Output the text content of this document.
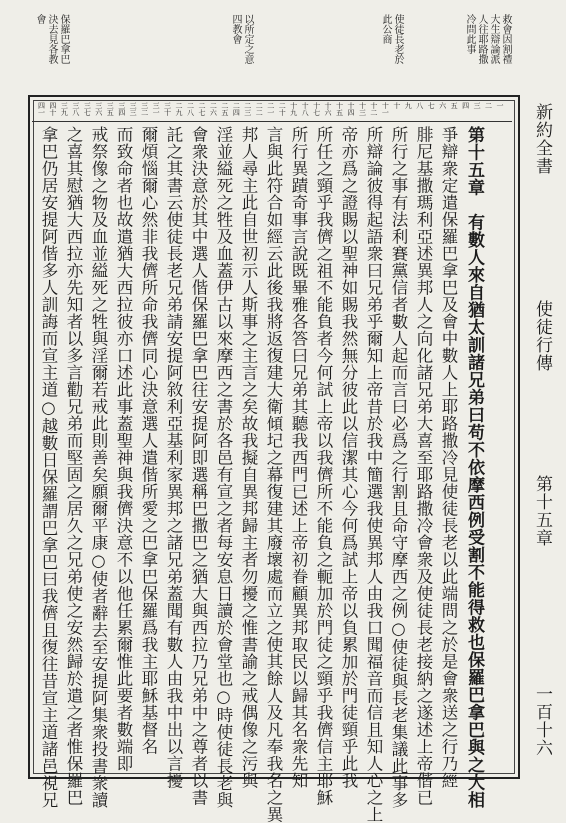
救會因割禮
大生辯論派
人往耶路撒
冷問此事
使徒長老於
此公商
以所定之意
四教會
保羅巴拿巴
決去見各教
會
一
二
三
四
五
六
七
八
九
十
十一
十二
十三
十四
十五
十六
十七
十八
十九
二十
二一
二二
二三
二四
二五
二六
二七
二八
二九
三十
三一
三二
三三
三四
三五
三六
三七
三八
三九
四十
四一
第十五章　有數人來自猶太訓諸兄弟曰苟不依摩西例受割不能得救也保羅巴拿巴與之大相
爭辯衆定遣保羅巴拿巴及會中數人上耶路撒冷見使徒長老以此端問之於是會衆送之行乃經
腓尼基撒瑪利亞述異邦人之向化諸兄弟大喜至耶路撒冷會衆及使徒長老接納之遂述上帝偕已
所行之事有法利賽黨信者數人起而言曰必爲之行割且命守摩西之例○使徒與長老集議此事多
所辯論彼得起語衆曰兄弟乎爾知上帝昔於我中簡選我使異邦人由我口聞福音而信且知人心之上
帝亦爲之證賜以聖神如賜我然無分彼此以信潔其心今何爲試上帝以負累加於門徒頸乎此我
所任之頸乎我儕之祖不能負者今何試上帝以我儕所不能負之軛加於門徒之頸乎我儕信主耶穌
所行異蹟奇事言說既畢雅各答曰兄弟其聽我西門已述上帝初眷顧異邦取民以歸其名衆先知
言與此符合如經云此後我將返復建大衛傾圮之幕復建其廢壞處而立之使其餘人及凡奉我名之異
邦人尋主此自世初示人斯事之主言之矣故我擬自異邦歸主者勿擾之惟書諭之戒偶像之污與
淫並縊死之牲及血蓋伊古以來摩西之書於各邑有宣之者每安息日讀於會堂也○時使徒長老與
會衆決意於其中選人偕保羅巴拿巴往安提阿即選稱巴撒巴之猶大與西拉乃兄弟中之尊者以書
託之其書云使徒長老兄弟請安提阿敘利亞基利家異邦之諸兄弟蓋聞有數人由我中出以言擾
爾煩惱爾心然非我儕所命我儕同心決意選人遣偕所愛之巴拿巴保羅爲我主耶穌基督名
而致命者也故遣猶大西拉彼亦口述此事蓋聖神與我儕決意不以他任累爾惟此要者數端即
戒祭像之物及血並縊死之牲與淫爾若戒此則善矣願爾平康○使者辭去至安提阿集衆投書衆讀
之喜其慰猶大西拉亦先知者以多言勸兄弟而堅固之居久之兄弟使之安然歸於遣之者惟保羅巴
拿巴仍居安提阿偕多人訓誨而宣主道○越數日保羅謂巴拿巴曰我儕且復往昔宣主道諸邑視兄	新約全書
使徒行傳
第十五章
一百十六
